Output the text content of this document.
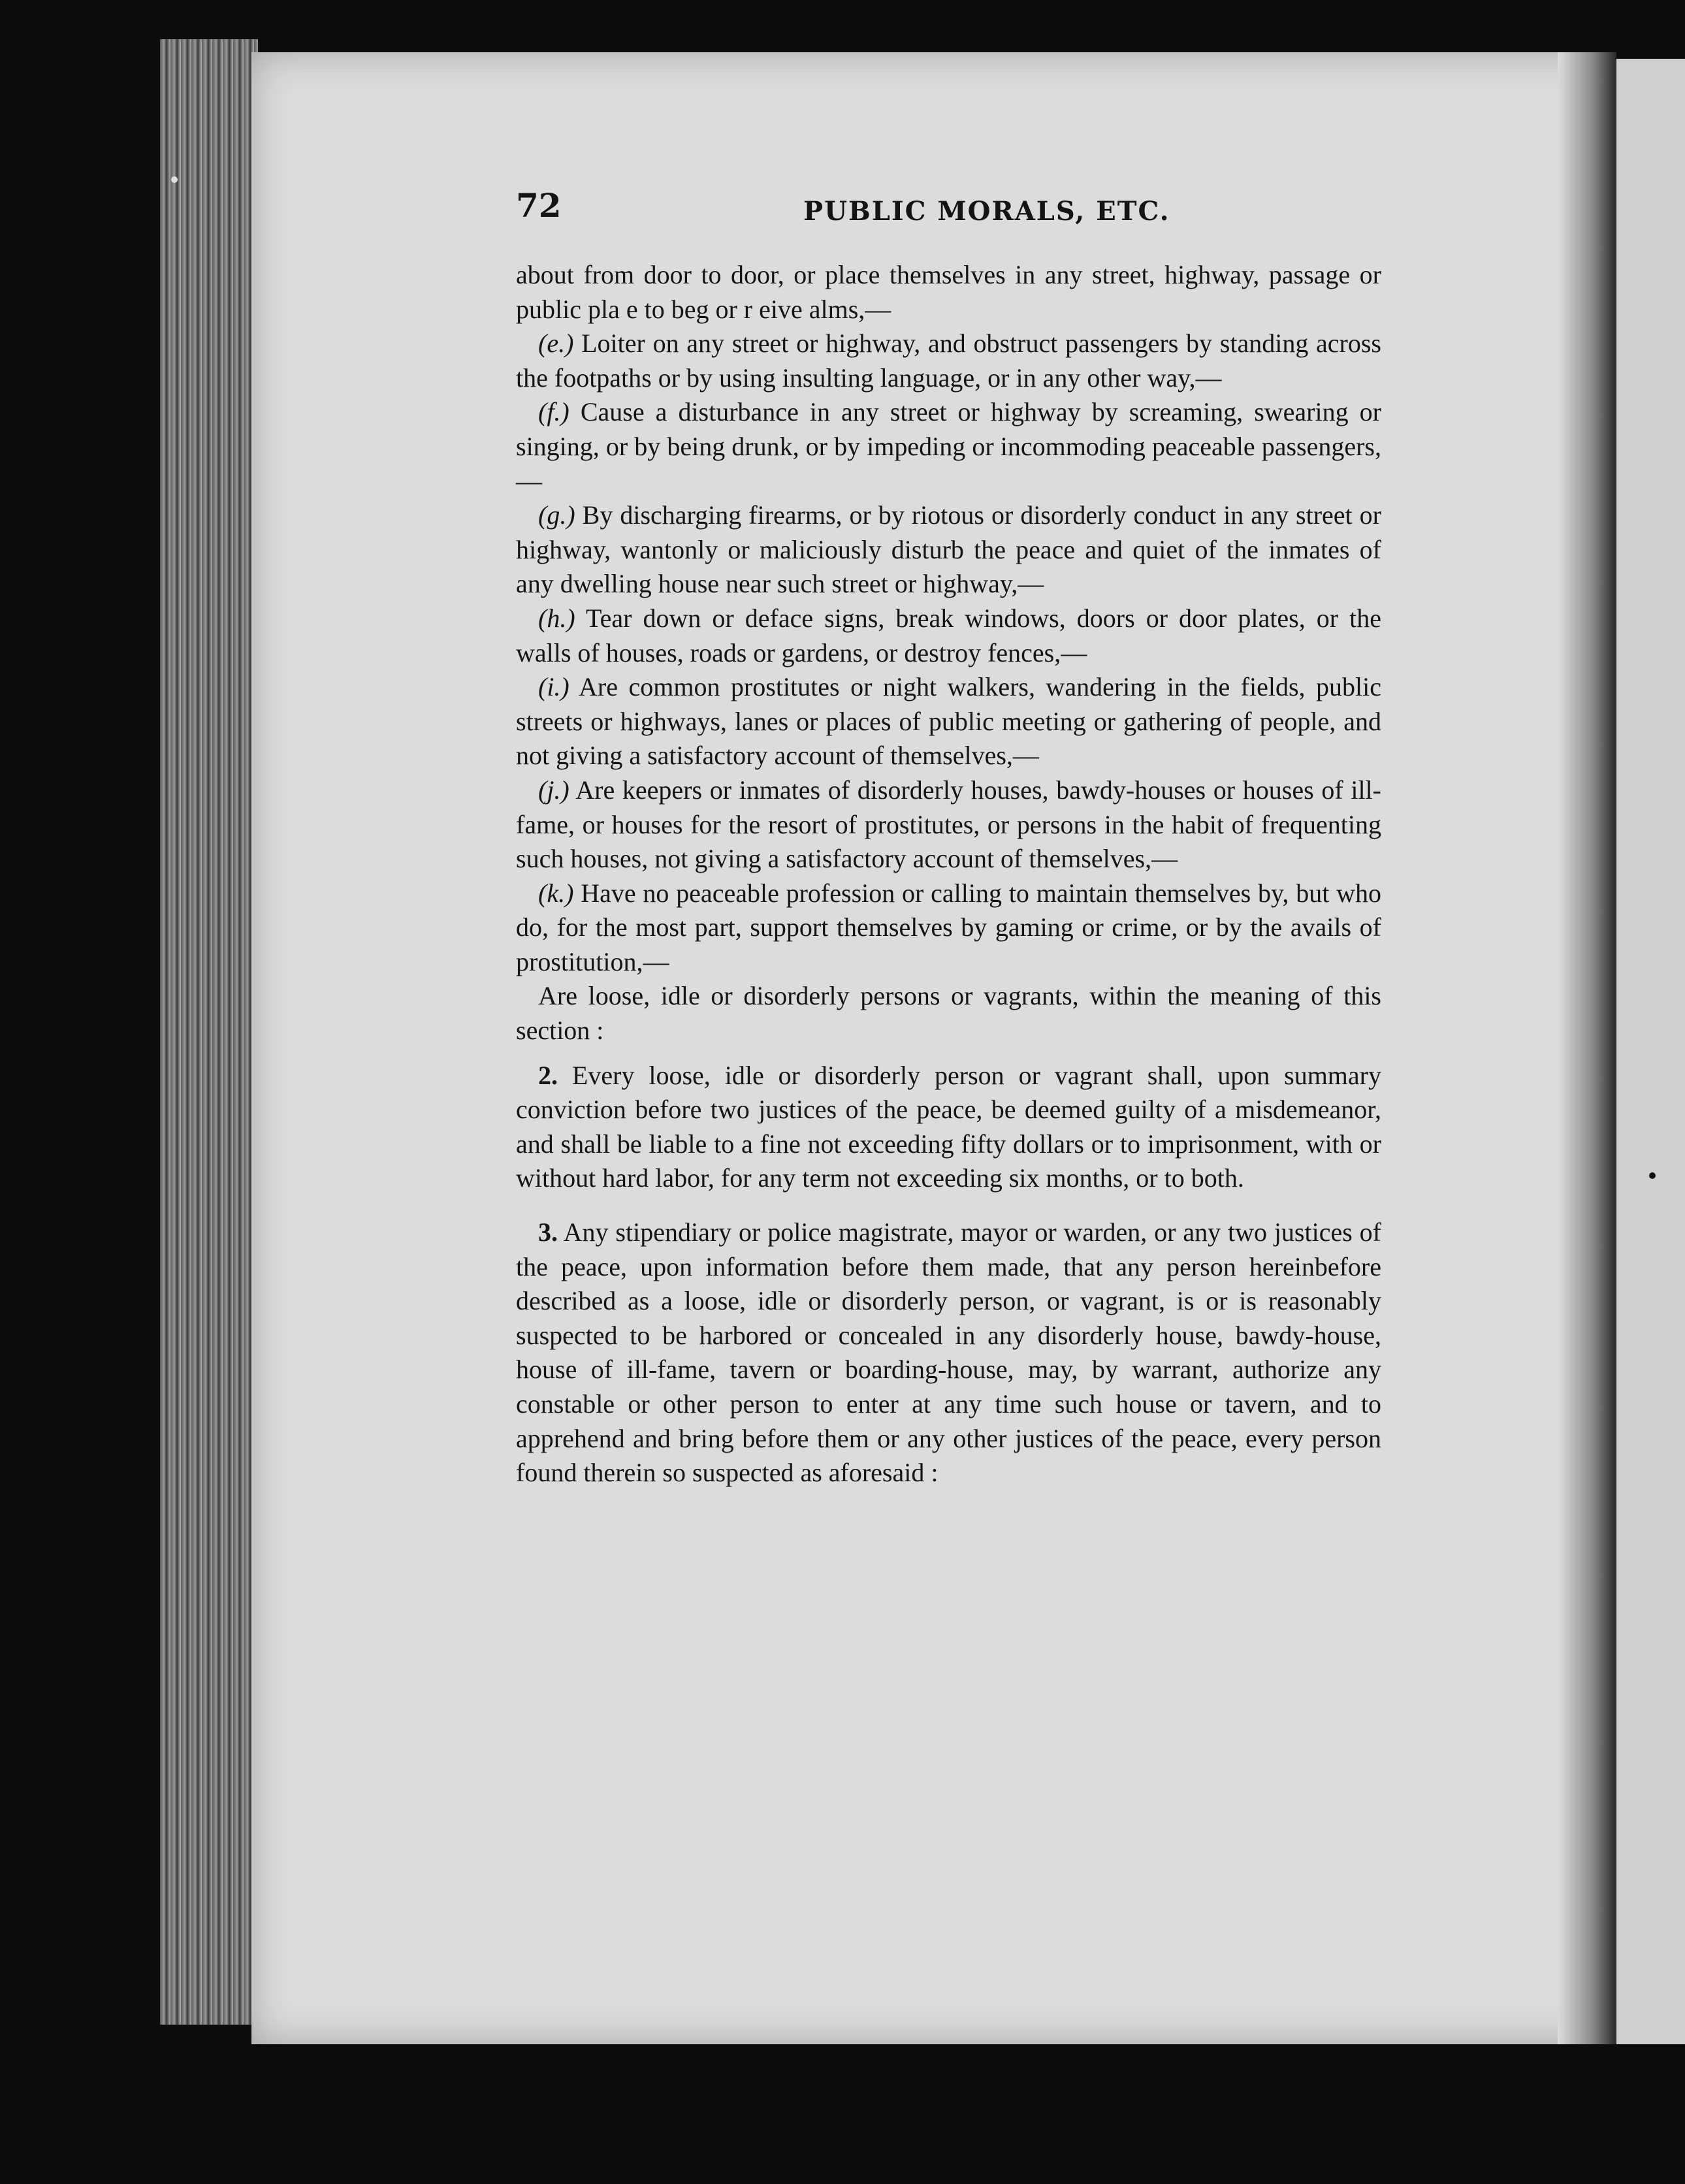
72	PUBLIC MORALS, ETC.

about from door to door, or place themselves in any street, highway, passage or public pla e to beg or r eive alms,—

(e.) Loiter on any street or highway, and obstruct passengers by standing across the footpaths or by using insulting language, or in any other way,—

(f.) Cause a disturbance in any street or highway by screaming, swearing or singing, or by being drunk, or by impeding or incommoding peaceable passengers,—

(g.) By discharging firearms, or by riotous or disorderly conduct in any street or highway, wantonly or maliciously disturb the peace and quiet of the inmates of any dwelling house near such street or highway,—

(h.) Tear down or deface signs, break windows, doors or door plates, or the walls of houses, roads or gardens, or destroy fences,—

(i.) Are common prostitutes or night walkers, wandering in the fields, public streets or highways, lanes or places of public meeting or gathering of people, and not giving a satisfactory account of themselves,—

(j.) Are keepers or inmates of disorderly houses, bawdy-houses or houses of ill-fame, or houses for the resort of prostitutes, or persons in the habit of frequenting such houses, not giving a satisfactory account of themselves,—

(k.) Have no peaceable profession or calling to maintain themselves by, but who do, for the most part, support themselves by gaming or crime, or by the avails of prostitution,—

Are loose, idle or disorderly persons or vagrants, within the meaning of this section :

2. Every loose, idle or disorderly person or vagrant shall, upon summary conviction before two justices of the peace, be deemed guilty of a misdemeanor, and shall be liable to a fine not exceeding fifty dollars or to imprisonment, with or without hard labor, for any term not exceeding six months, or to both.

3. Any stipendiary or police magistrate, mayor or warden, or any two justices of the peace, upon information before them made, that any person hereinbefore described as a loose, idle or disorderly person, or vagrant, is or is reasonably suspected to be harbored or concealed in any disorderly house, bawdy-house, house of ill-fame, tavern or boarding-house, may, by warrant, authorize any constable or other person to enter at any time such house or tavern, and to apprehend and bring before them or any other justices of the peace, every person found therein so suspected as aforesaid :
